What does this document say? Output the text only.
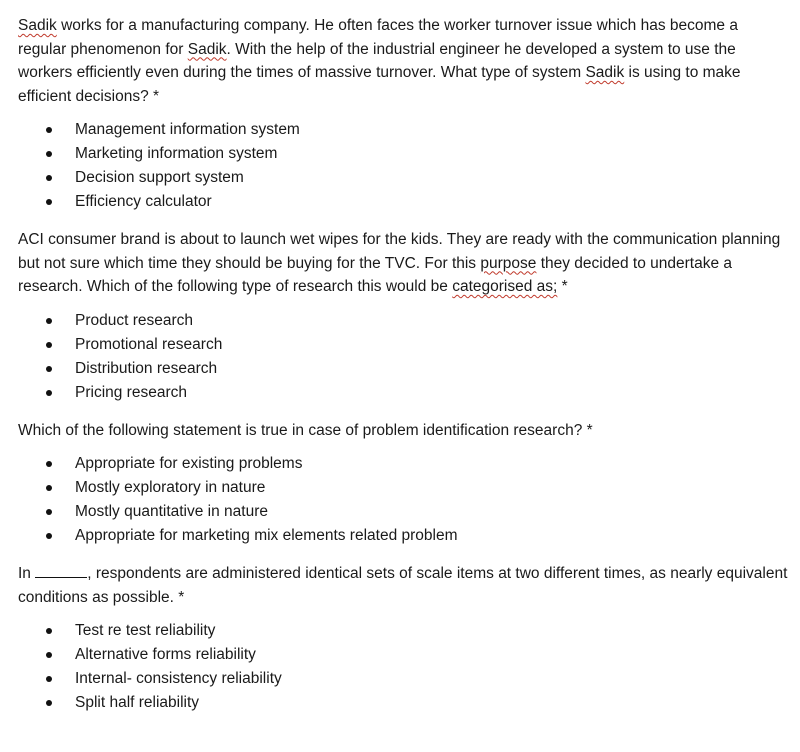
Sadik works for a manufacturing company. He often faces the worker turnover issue which has become a regular phenomenon for Sadik. With the help of the industrial engineer he developed a system to use the workers efficiently even during the times of massive turnover. What type of system Sadik is using to make efficient decisions? *

Management information system
Marketing information system
Decision support system
Efficiency calculator

ACI consumer brand is about to launch wet wipes for the kids. They are ready with the communication planning but not sure which time they should be buying for the TVC. For this purpose they decided to undertake a research. Which of the following type of research this would be categorised as; *

Product research
Promotional research
Distribution research
Pricing research

Which of the following statement is true in case of problem identification research? *

Appropriate for existing problems
Mostly exploratory in nature
Mostly quantitative in nature
Appropriate for marketing mix elements related problem

In	, respondents are administered identical sets of scale items at two different times, as nearly equivalent conditions as possible. *

Test re test reliability
Alternative forms reliability
Internal- consistency reliability
Split half reliability
